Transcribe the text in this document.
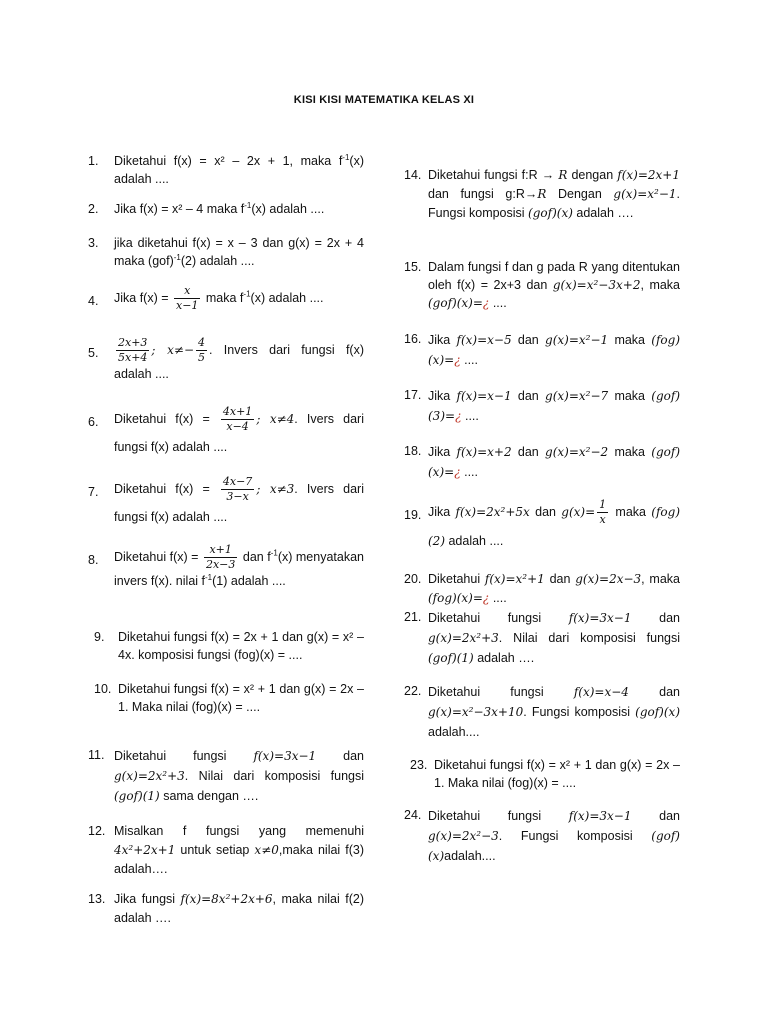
KISI KISI MATEMATIKA KELAS XI
1. Diketahui f(x) = x² – 2x + 1, maka $f^{-1}(x)$ adalah ....
2. Jika f(x) = x² – 4 maka $f^{-1}(x)$ adalah ....
3. jika diketahui f(x) = x – 3 dan g(x) = 2x + 4 maka (gof)$^{-1}$(2) adalah ....
4. Jika $f(x) = \frac{x}{x-1}$ maka $f^{-1}(x)$ adalah ....
5. $\frac{2x+3}{5x+4}$ ; $x\ne- \frac{4}{5}$ . Invers dari fungsi f(x) adalah ....
6. Diketahui $f(x) = \frac{4x+1}{x-4}$ ; x≠4. Ivers dari fungsi f(x) adalah ....
7. Diketahui $f(x) = \frac{4x-7}{3-x}$ ; x≠3. Ivers dari fungsi f(x) adalah ....
8. Diketahui $f(x) = \frac{x+1}{2x-3}$ dan $f^{-1}(x)$ menyatakan invers f(x). nilai $f^{-1}(1)$ adalah ....
9. Diketahui fungsi f(x) = 2x + 1 dan g(x) = x² – 4x. komposisi fungsi (fog)(x) = ....
10. Diketahui fungsi f(x) = x² + 1 dan g(x) = 2x – 1. Maka nilai (fog)(x) = ....
11. Diketahui fungsi f(x)=3x−1 dan g(x)=2x²+3. Nilai dari komposisi fungsi (gof)(1) sama dengan ….
12. Misalkan f fungsi yang memenuhi 4x²+2x+1 untuk setiap x≠0,maka nilai f(3) adalah….
13. Jika fungsi f(x)=8x²+2x+6, maka nilai f(2) adalah ….
14. Diketahui fungsi f:R → R dengan f(x)=2x+1 dan fungsi g:R→R Dengan g(x)=x²−1. Fungsi komposisi (gof)(x) adalah ….
15. Dalam fungsi f dan g pada R yang ditentukan oleh f(x) = 2x+3 dan g(x)=x²−3x+2, maka (gof)(x)=¿ ....
16. Jika f(x)=x−5 dan g(x)=x²−1 maka (fog)(x)=¿ ....
17. Jika f(x)=x−1 dan g(x)=x²−7 maka (gof)(3)=¿ ....
18. Jika f(x)=x+2 dan g(x)=x²−2 maka (gof)(x)=¿ ....
19. Jika f(x)=2x²+5x dan $g(x)= \frac{1}{x}$ maka (fog)(2) adalah ....
20. Diketahui f(x)=x²+1 dan g(x)=2x−3, maka (fog)(x)=¿ ....
21. Diketahui fungsi f(x)=3x−1 dan g(x)=2x²+3. Nilai dari komposisi fungsi (gof)(1) adalah ….
22. Diketahui fungsi f(x)=x−4 dan g(x)=x²−3x+10. Fungsi komposisi (gof)(x) adalah....
23. Diketahui fungsi f(x) = x² + 1 dan g(x) = 2x – 1. Maka nilai (fog)(x) = ....
24. Diketahui fungsi f(x)=3x−1 dan g(x)=2x²−3. Fungsi komposisi (gof)(x)adalah....
